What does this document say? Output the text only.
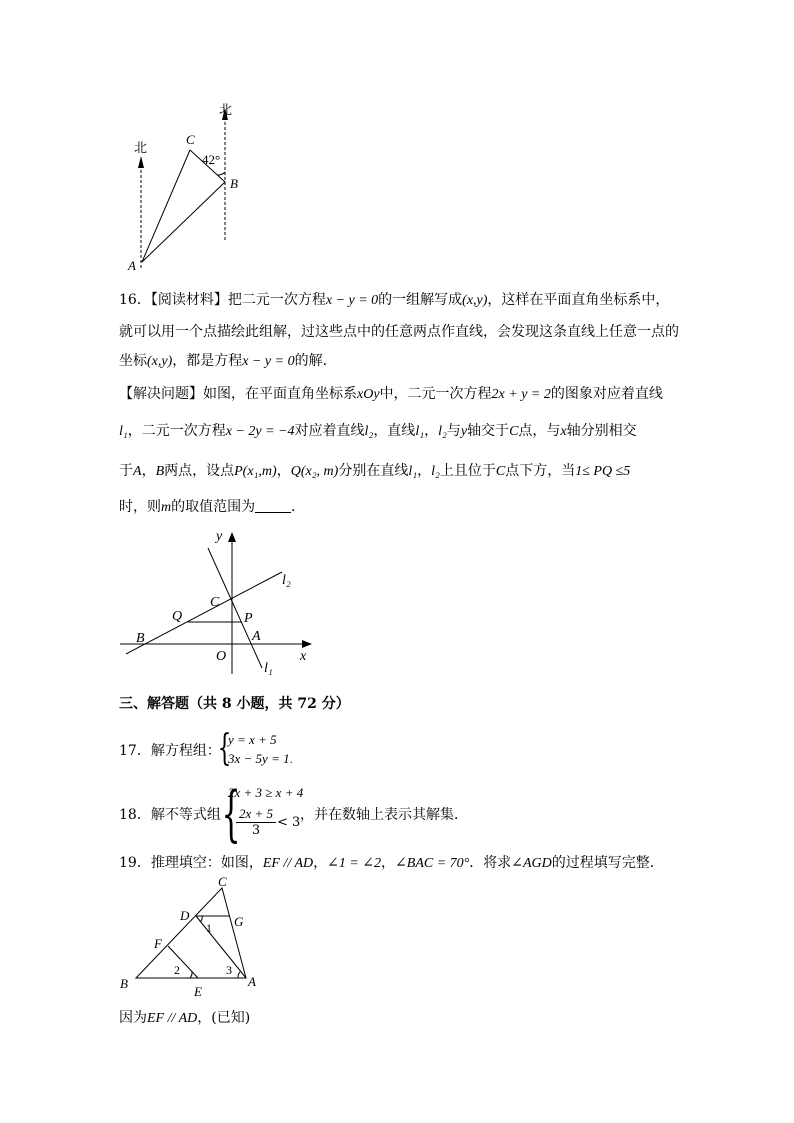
北
北
C
B
A
42°
16．【阅读材料】把二元一次方程x − y = 0的一组解写成(x,y)，这样在平面直角坐标系中，
就可以用一个点描绘此组解，过这些点中的任意两点作直线，会发现这条直线上任意一点的
坐标(x,y)，都是方程x − y = 0的解．
【解决问题】如图，在平面直角坐标系xOy中，二元一次方程2x + y = 2的图象对应着直线
l₁，二元一次方程x − 2y = −4对应着直线l₂，直线l₁，l₂与y轴交于C点，与x轴分别相交
于A，B两点，设点P(x₁,m)，Q(x₂, m)分别在直线l₁，l₂上且位于C点下方，当1≤ PQ ≤5
时，则m的取值范围为	．
y
x
O
A
B
C
P
Q
l₁
l₂
三、解答题（共 8 小题，共 72 分）
17．解方程组：
{
y = x + 5
3x − 5y = 1.
18．解不等式组 {
2x + 3 ≥ x + 4
$\frac{2x + 5}{3} < 3$ ，并在数轴上表示其解集．
19．推理填空：如图，EF // AD，∠1 = ∠2，∠BAC = 70°．将求∠AGD的过程填写完整．
C
D	G
F
B
E
A
1
2	3
因为EF // AD，(已知)
